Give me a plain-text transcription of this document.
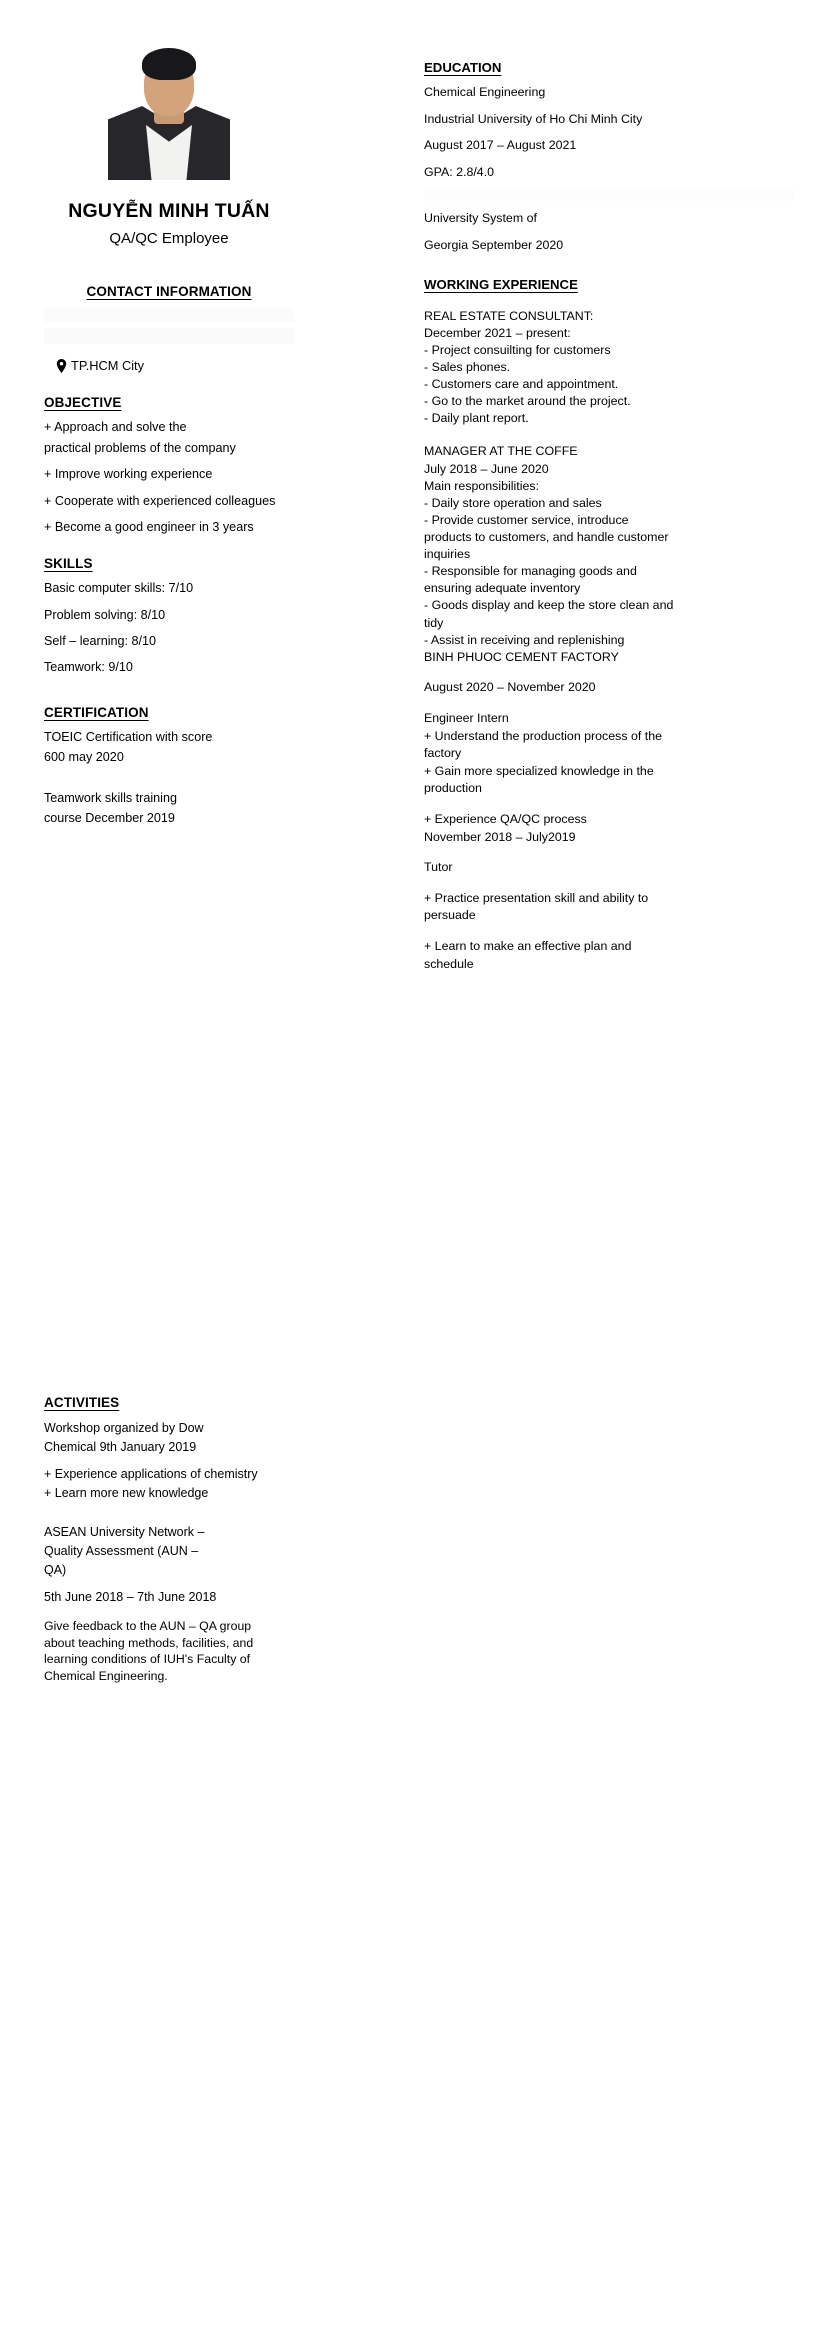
NGUYỄN MINH TUẤN
QA/QC Employee
CONTACT INFORMATION
TP.HCM City
OBJECTIVE
+ Approach and solve the
practical problems of the company
+ Improve working experience
+ Cooperate with experienced colleagues
+ Become a good engineer in 3 years
SKILLS
Basic computer skills: 7/10
Problem solving: 8/10
Self – learning: 8/10
Teamwork: 9/10
CERTIFICATION
TOEIC Certification with score
600 may 2020
Teamwork skills training
course December 2019
EDUCATION
Chemical Engineering
Industrial University of Ho Chi Minh City
August 2017 – August 2021
GPA: 2.8/4.0
University System of
Georgia September 2020
WORKING EXPERIENCE
REAL ESTATE CONSULTANT:
December 2021 – present:
- Project consuilting for customers
- Sales phones.
- Customers care and appointment.
- Go to the market around the project.
- Daily plant report.
MANAGER AT THE COFFE
July 2018 – June 2020
Main responsibilities:
- Daily store operation and sales
- Provide customer service, introduce
products to customers, and handle customer
inquiries
- Responsible for managing goods and
ensuring adequate inventory
- Goods display and keep the store clean and
tidy
- Assist in receiving and replenishing
BINH PHUOC CEMENT FACTORY
August 2020 – November 2020
Engineer Intern
+ Understand the production process of the
factory
+ Gain more specialized knowledge in the
production
+ Experience QA/QC process
November 2018 – July2019
Tutor
+ Practice presentation skill and ability to
persuade
+ Learn to make an effective plan and
schedule
ACTIVITIES
Workshop organized by Dow
Chemical 9th January 2019
+ Experience applications of chemistry
+ Learn more new knowledge
ASEAN University Network –
Quality Assessment (AUN –
QA)
5th June 2018 – 7th June 2018
Give feedback to the AUN – QA group
about teaching methods, facilities, and
learning conditions of IUH's Faculty of
Chemical Engineering.
